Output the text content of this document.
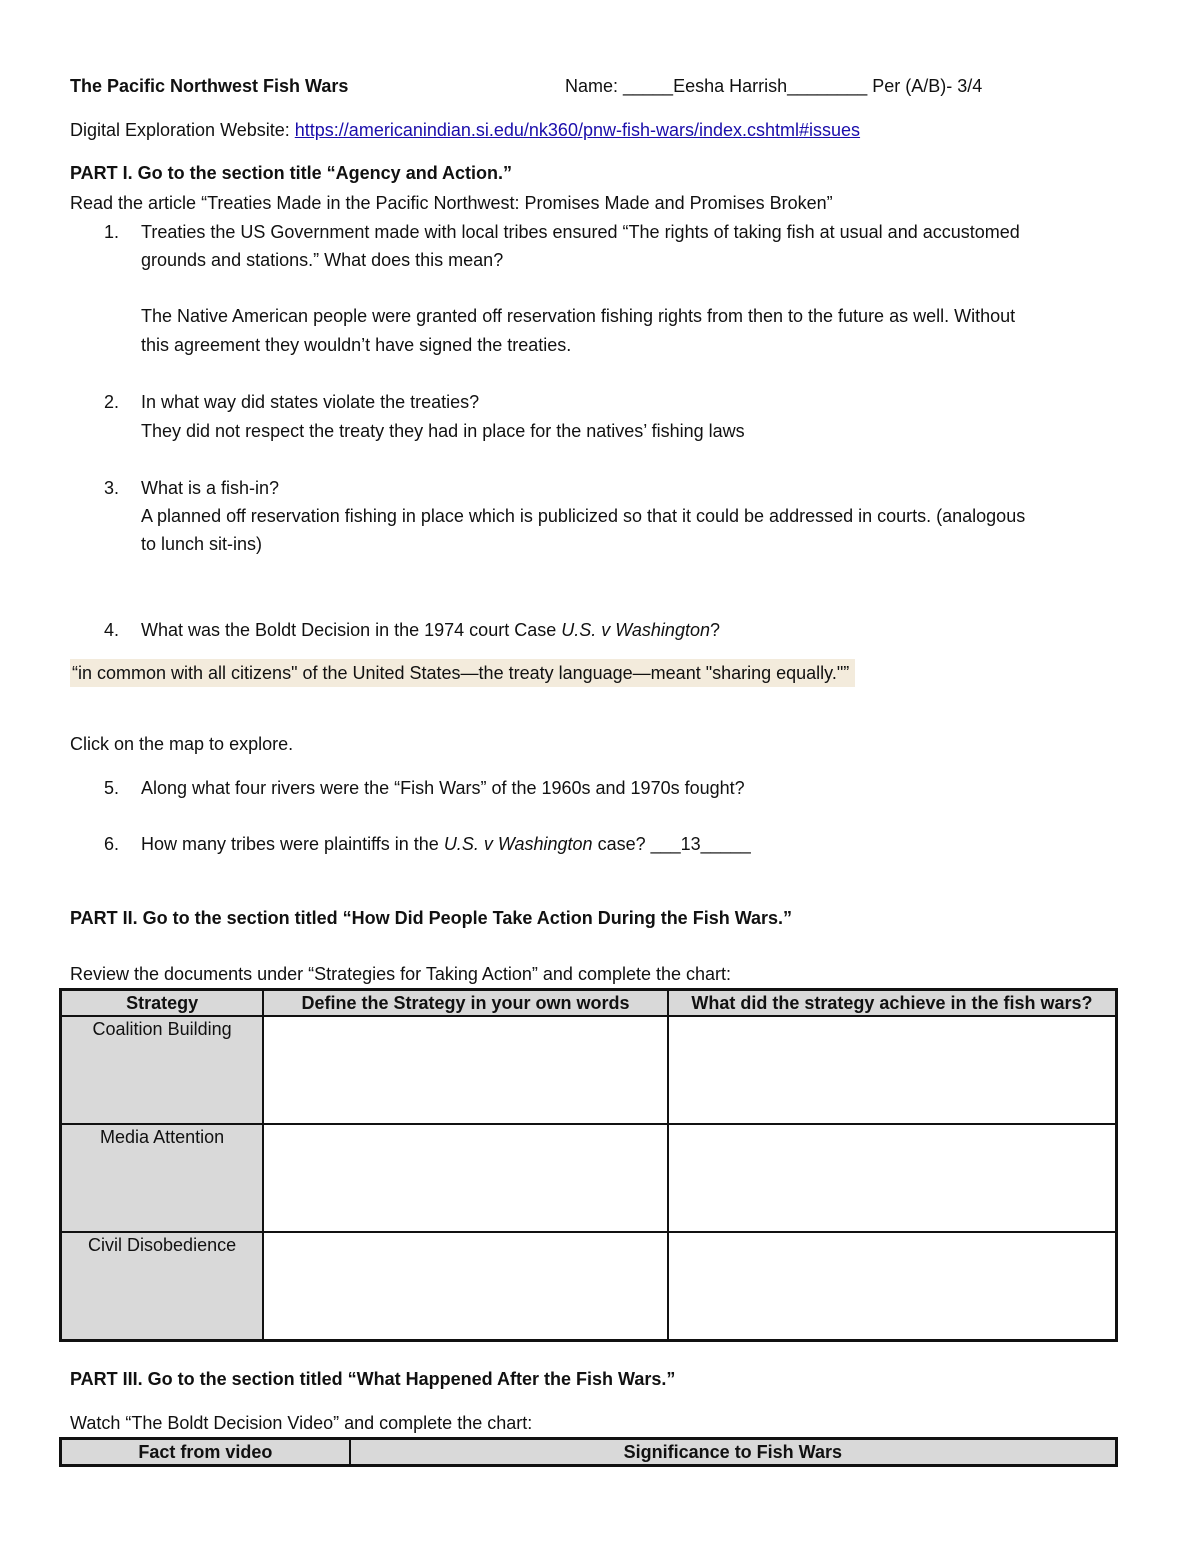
The Pacific Northwest Fish Wars	Name: _____Eesha Harrish________ Per (A/B)- 3/4
Digital Exploration Website: https://americanindian.si.edu/nk360/pnw-fish-wars/index.cshtml#issues
PART I. Go to the section title “Agency and Action.”
Read the article “Treaties Made in the Pacific Northwest: Promises Made and Promises Broken”
1. Treaties the US Government made with local tribes ensured “The rights of taking fish at usual and accustomed
grounds and stations.” What does this mean?
The Native American people were granted off reservation fishing rights from then to the future as well. Without
this agreement they wouldn’t have signed the treaties.
2. In what way did states violate the treaties?
They did not respect the treaty they had in place for the natives’ fishing laws
3. What is a fish-in?
A planned off reservation fishing in place which is publicized so that it could be addressed in courts. (analogous
to lunch sit-ins)
4. What was the Boldt Decision in the 1974 court Case U.S. v Washington?
“in common with all citizens" of the United States—the treaty language—meant "sharing equally."”
Click on the map to explore.
5. Along what four rivers were the “Fish Wars” of the 1960s and 1970s fought?
6. How many tribes were plaintiffs in the U.S. v Washington case? ___13_____
PART II. Go to the section titled “How Did People Take Action During the Fish Wars.”
Review the documents under “Strategies for Taking Action” and complete the chart:
Strategy	Define the Strategy in your own words	What did the strategy achieve in the fish wars?
Coalition Building		
Media Attention		
Civil Disobedience		
PART III. Go to the section titled “What Happened After the Fish Wars.”
Watch “The Boldt Decision Video” and complete the chart:
Fact from video	Significance to Fish Wars
